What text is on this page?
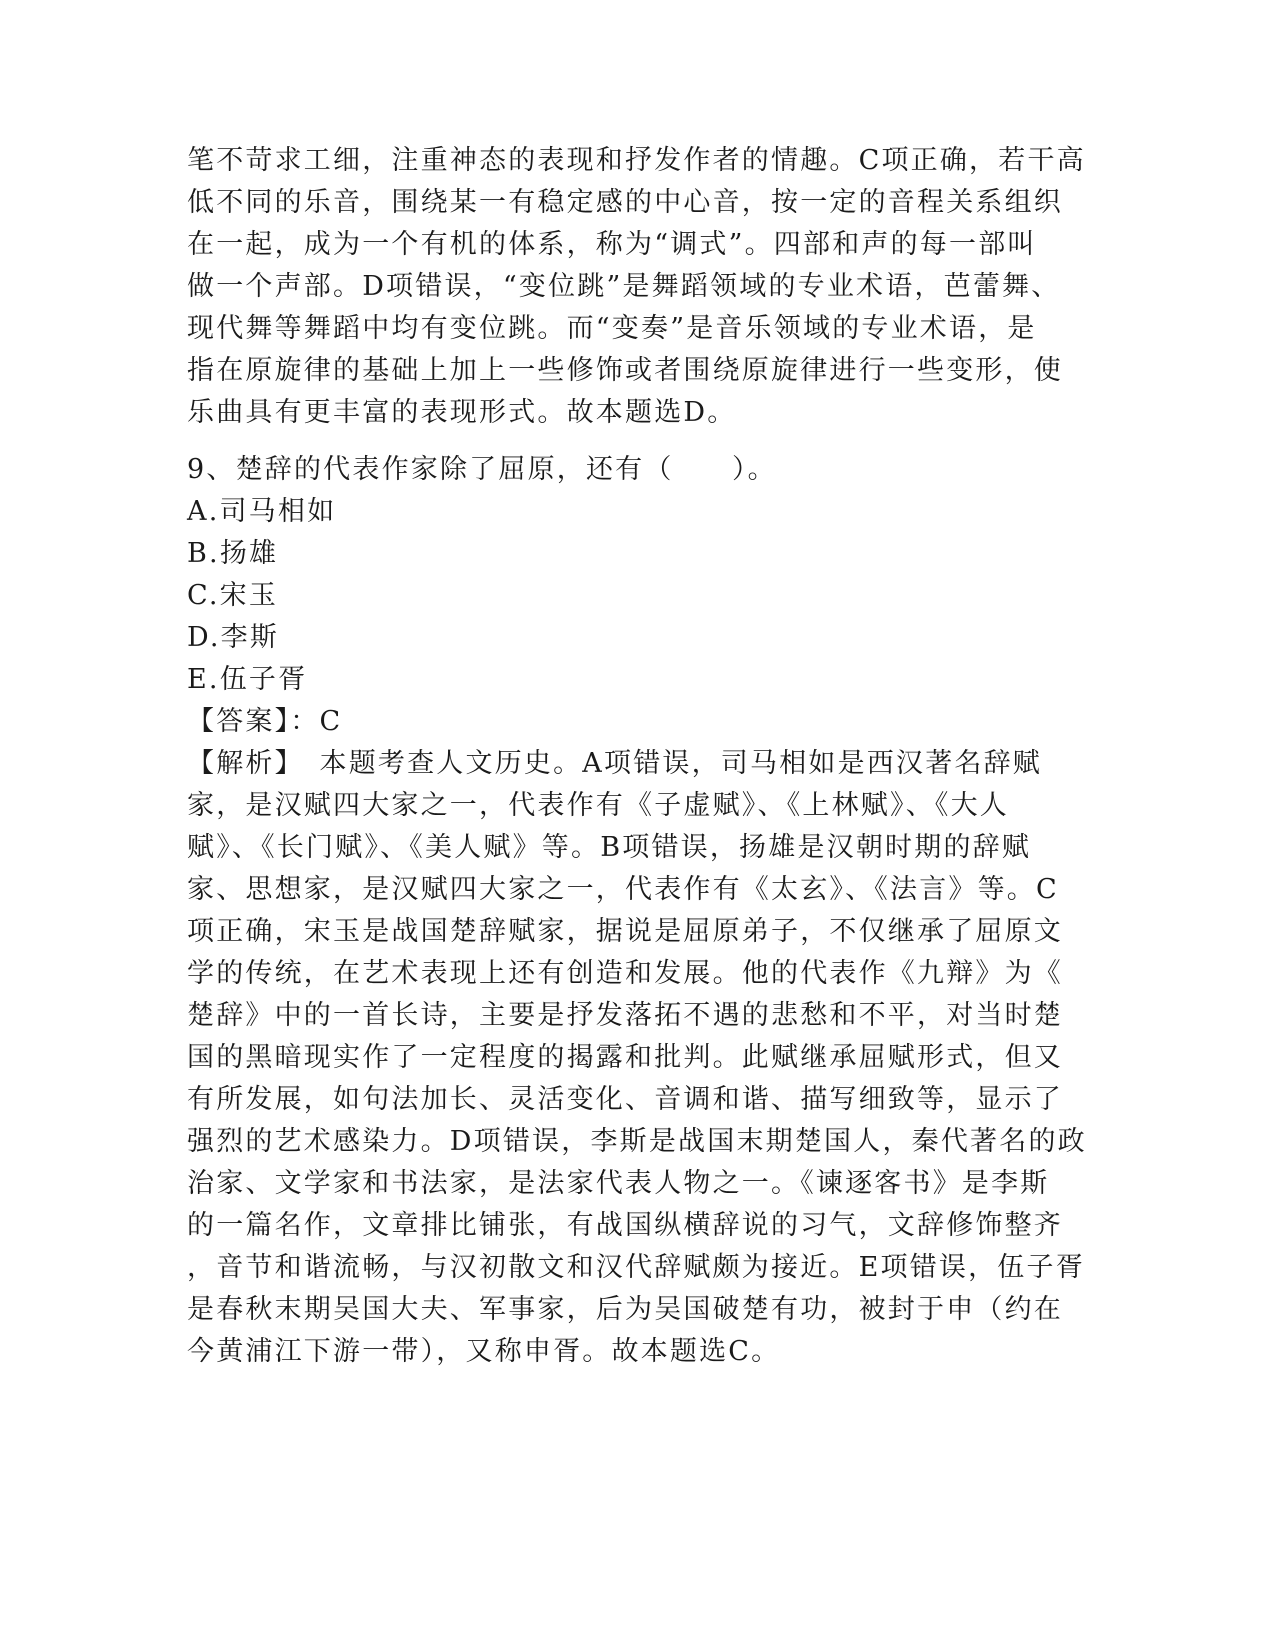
笔不苛求工细，注重神态的表现和抒发作者的情趣。C项正确，若干高
低不同的乐音，围绕某一有稳定感的中心音，按一定的音程关系组织
在一起，成为一个有机的体系，称为“调式”。四部和声的每一部叫
做一个声部。D项错误，“变位跳”是舞蹈领域的专业术语，芭蕾舞、
现代舞等舞蹈中均有变位跳。而“变奏”是音乐领域的专业术语，是
指在原旋律的基础上加上一些修饰或者围绕原旋律进行一些变形，使
乐曲具有更丰富的表现形式。故本题选D。
9、楚辞的代表作家除了屈原，还有（　　）。
A.司马相如
B.扬雄
C.宋玉
D.李斯
E.伍子胥
【答案】：C
【解析】　本题考查人文历史。A项错误，司马相如是西汉著名辞赋
家，是汉赋四大家之一，代表作有《子虚赋》、《上林赋》、《大人
赋》、《长门赋》、《美人赋》等。B项错误，扬雄是汉朝时期的辞赋
家、思想家，是汉赋四大家之一，代表作有《太玄》、《法言》等。C
项正确，宋玉是战国楚辞赋家，据说是屈原弟子，不仅继承了屈原文
学的传统，在艺术表现上还有创造和发展。他的代表作《九辩》为《
楚辞》中的一首长诗，主要是抒发落拓不遇的悲愁和不平，对当时楚
国的黑暗现实作了一定程度的揭露和批判。此赋继承屈赋形式，但又
有所发展，如句法加长、灵活变化、音调和谐、描写细致等，显示了
强烈的艺术感染力。D项错误，李斯是战国末期楚国人，秦代著名的政
治家、文学家和书法家，是法家代表人物之一。《谏逐客书》是李斯
的一篇名作，文章排比铺张，有战国纵横辞说的习气，文辞修饰整齐
，音节和谐流畅，与汉初散文和汉代辞赋颇为接近。E项错误，伍子胥
是春秋末期吴国大夫、军事家，后为吴国破楚有功，被封于申（约在
今黄浦江下游一带），又称申胥。故本题选C。
